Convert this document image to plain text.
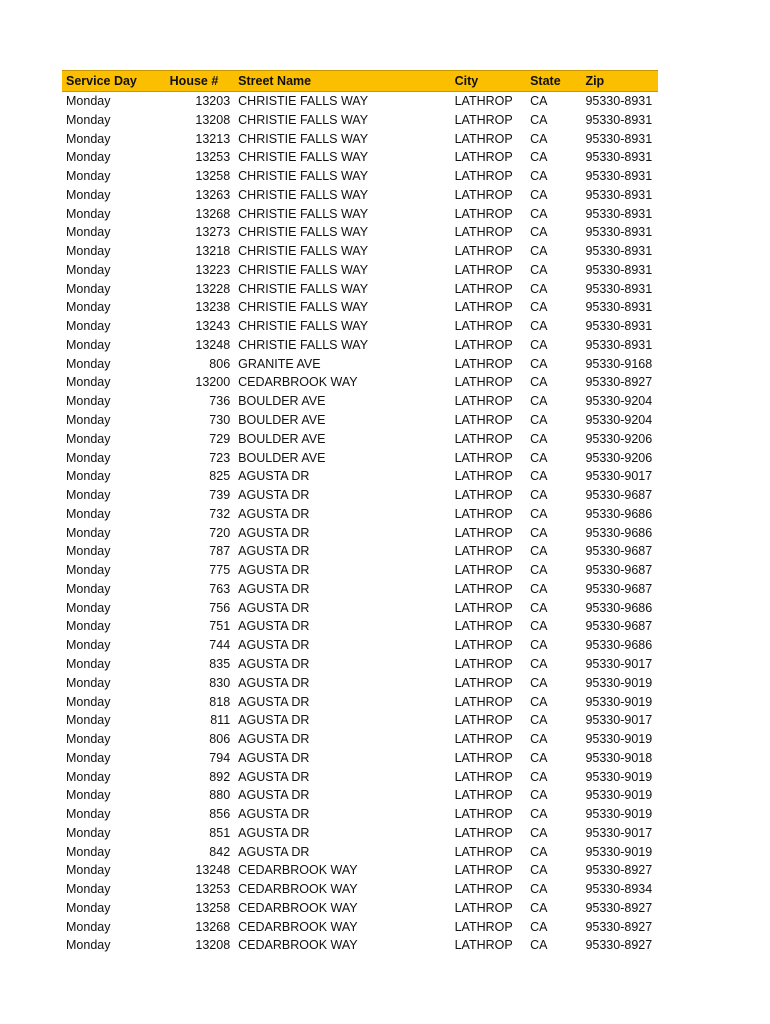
Service Day	House #	Street Name	City	State	Zip
Monday	13203	CHRISTIE FALLS WAY	LATHROP	CA	95330-8931
Monday	13208	CHRISTIE FALLS WAY	LATHROP	CA	95330-8931
Monday	13213	CHRISTIE FALLS WAY	LATHROP	CA	95330-8931
Monday	13253	CHRISTIE FALLS WAY	LATHROP	CA	95330-8931
Monday	13258	CHRISTIE FALLS WAY	LATHROP	CA	95330-8931
Monday	13263	CHRISTIE FALLS WAY	LATHROP	CA	95330-8931
Monday	13268	CHRISTIE FALLS WAY	LATHROP	CA	95330-8931
Monday	13273	CHRISTIE FALLS WAY	LATHROP	CA	95330-8931
Monday	13218	CHRISTIE FALLS WAY	LATHROP	CA	95330-8931
Monday	13223	CHRISTIE FALLS WAY	LATHROP	CA	95330-8931
Monday	13228	CHRISTIE FALLS WAY	LATHROP	CA	95330-8931
Monday	13238	CHRISTIE FALLS WAY	LATHROP	CA	95330-8931
Monday	13243	CHRISTIE FALLS WAY	LATHROP	CA	95330-8931
Monday	13248	CHRISTIE FALLS WAY	LATHROP	CA	95330-8931
Monday	806	GRANITE AVE	LATHROP	CA	95330-9168
Monday	13200	CEDARBROOK WAY	LATHROP	CA	95330-8927
Monday	736	BOULDER AVE	LATHROP	CA	95330-9204
Monday	730	BOULDER AVE	LATHROP	CA	95330-9204
Monday	729	BOULDER AVE	LATHROP	CA	95330-9206
Monday	723	BOULDER AVE	LATHROP	CA	95330-9206
Monday	825	AGUSTA DR	LATHROP	CA	95330-9017
Monday	739	AGUSTA DR	LATHROP	CA	95330-9687
Monday	732	AGUSTA DR	LATHROP	CA	95330-9686
Monday	720	AGUSTA DR	LATHROP	CA	95330-9686
Monday	787	AGUSTA DR	LATHROP	CA	95330-9687
Monday	775	AGUSTA DR	LATHROP	CA	95330-9687
Monday	763	AGUSTA DR	LATHROP	CA	95330-9687
Monday	756	AGUSTA DR	LATHROP	CA	95330-9686
Monday	751	AGUSTA DR	LATHROP	CA	95330-9687
Monday	744	AGUSTA DR	LATHROP	CA	95330-9686
Monday	835	AGUSTA DR	LATHROP	CA	95330-9017
Monday	830	AGUSTA DR	LATHROP	CA	95330-9019
Monday	818	AGUSTA DR	LATHROP	CA	95330-9019
Monday	811	AGUSTA DR	LATHROP	CA	95330-9017
Monday	806	AGUSTA DR	LATHROP	CA	95330-9019
Monday	794	AGUSTA DR	LATHROP	CA	95330-9018
Monday	892	AGUSTA DR	LATHROP	CA	95330-9019
Monday	880	AGUSTA DR	LATHROP	CA	95330-9019
Monday	856	AGUSTA DR	LATHROP	CA	95330-9019
Monday	851	AGUSTA DR	LATHROP	CA	95330-9017
Monday	842	AGUSTA DR	LATHROP	CA	95330-9019
Monday	13248	CEDARBROOK WAY	LATHROP	CA	95330-8927
Monday	13253	CEDARBROOK WAY	LATHROP	CA	95330-8934
Monday	13258	CEDARBROOK WAY	LATHROP	CA	95330-8927
Monday	13268	CEDARBROOK WAY	LATHROP	CA	95330-8927
Monday	13208	CEDARBROOK WAY	LATHROP	CA	95330-8927
